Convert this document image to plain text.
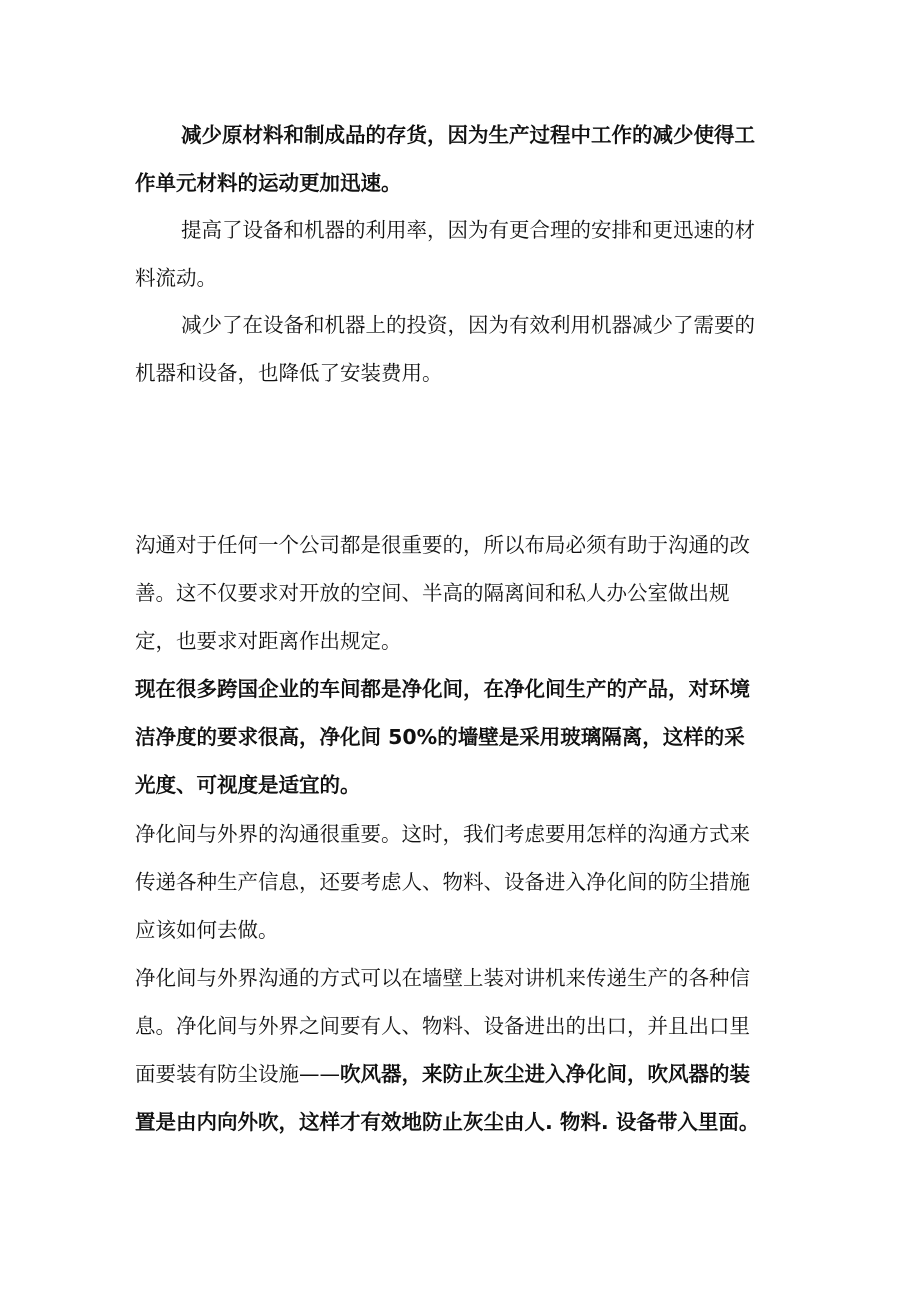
减少原材料和制成品的存货，因为生产过程中工作的减少使得工
作单元材料的运动更加迅速。
提高了设备和机器的利用率，因为有更合理的安排和更迅速的材
料流动。
减少了在设备和机器上的投资，因为有效利用机器减少了需要的
机器和设备，也降低了安装费用。
沟通对于任何一个公司都是很重要的，所以布局必须有助于沟通的改
善。这不仅要求对开放的空间、半高的隔离间和私人办公室做出规
定，也要求对距离作出规定。
现在很多跨国企业的车间都是净化间，在净化间生产的产品，对环境
洁净度的要求很高，净化间 50%的墙壁是采用玻璃隔离，这样的采
光度、可视度是适宜的。
净化间与外界的沟通很重要。这时，我们考虑要用怎样的沟通方式来
传递各种生产信息，还要考虑人、物料、设备进入净化间的防尘措施
应该如何去做。
净化间与外界沟通的方式可以在墙壁上装对讲机来传递生产的各种信
息。净化间与外界之间要有人、物料、设备进出的出口，并且出口里
面要装有防尘设施——吹风器，来防止灰尘进入净化间，吹风器的装
置是由内向外吹，这样才有效地防止灰尘由人. 物料. 设备带入里面。
